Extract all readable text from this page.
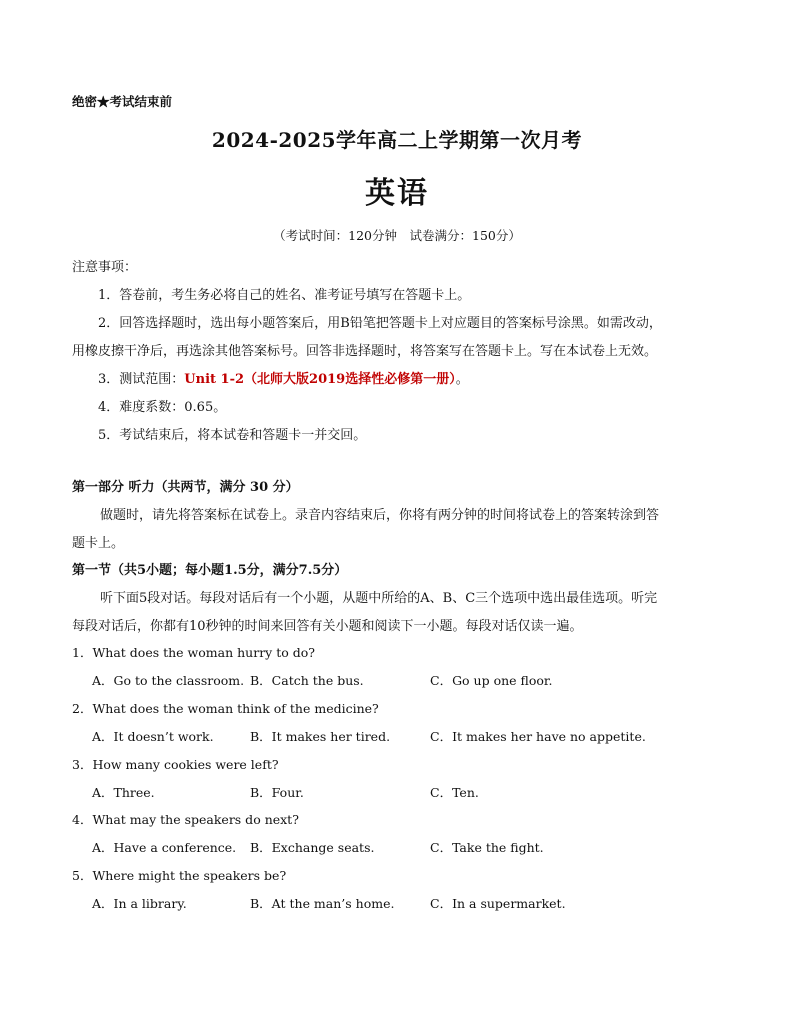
绝密★考试结束前
2024-2025学年高二上学期第一次月考
英语
（考试时间：120分钟　试卷满分：150分）
注意事项：
1．答卷前，考生务必将自己的姓名、准考证号填写在答题卡上。
2．回答选择题时，选出每小题答案后，用B铅笔把答题卡上对应题目的答案标号涂黑。如需改动，
用橡皮擦干净后，再选涂其他答案标号。回答非选择题时，将答案写在答题卡上。写在本试卷上无效。
3．测试范围：Unit 1-2（北师大版2019选择性必修第一册）。
4．难度系数：0.65。
5．考试结束后，将本试卷和答题卡一并交回。
第一部分 听力（共两节，满分 30 分）
做题时，请先将答案标在试卷上。录音内容结束后，你将有两分钟的时间将试卷上的答案转涂到答
题卡上。
第一节（共5小题；每小题1.5分，满分7.5分）
听下面5段对话。每段对话后有一个小题，从题中所给的A、B、C三个选项中选出最佳选项。听完
每段对话后，你都有10秒钟的时间来回答有关小题和阅读下一小题。每段对话仅读一遍。
1．What does the woman hurry to do?
A．Go to the classroom. B．Catch the bus.	C．Go up one floor.
2．What does the woman think of the medicine?
A．It doesn’t work.	B．It makes her tired.	C．It makes her have no appetite.
3．How many cookies were left?
A．Three.	B．Four.	C．Ten.
4．What may the speakers do next?
A．Have a conference. B．Exchange seats.	C．Take the fight.
5．Where might the speakers be?
A．In a library.	B．At the man’s home.	C．In a supermarket.
